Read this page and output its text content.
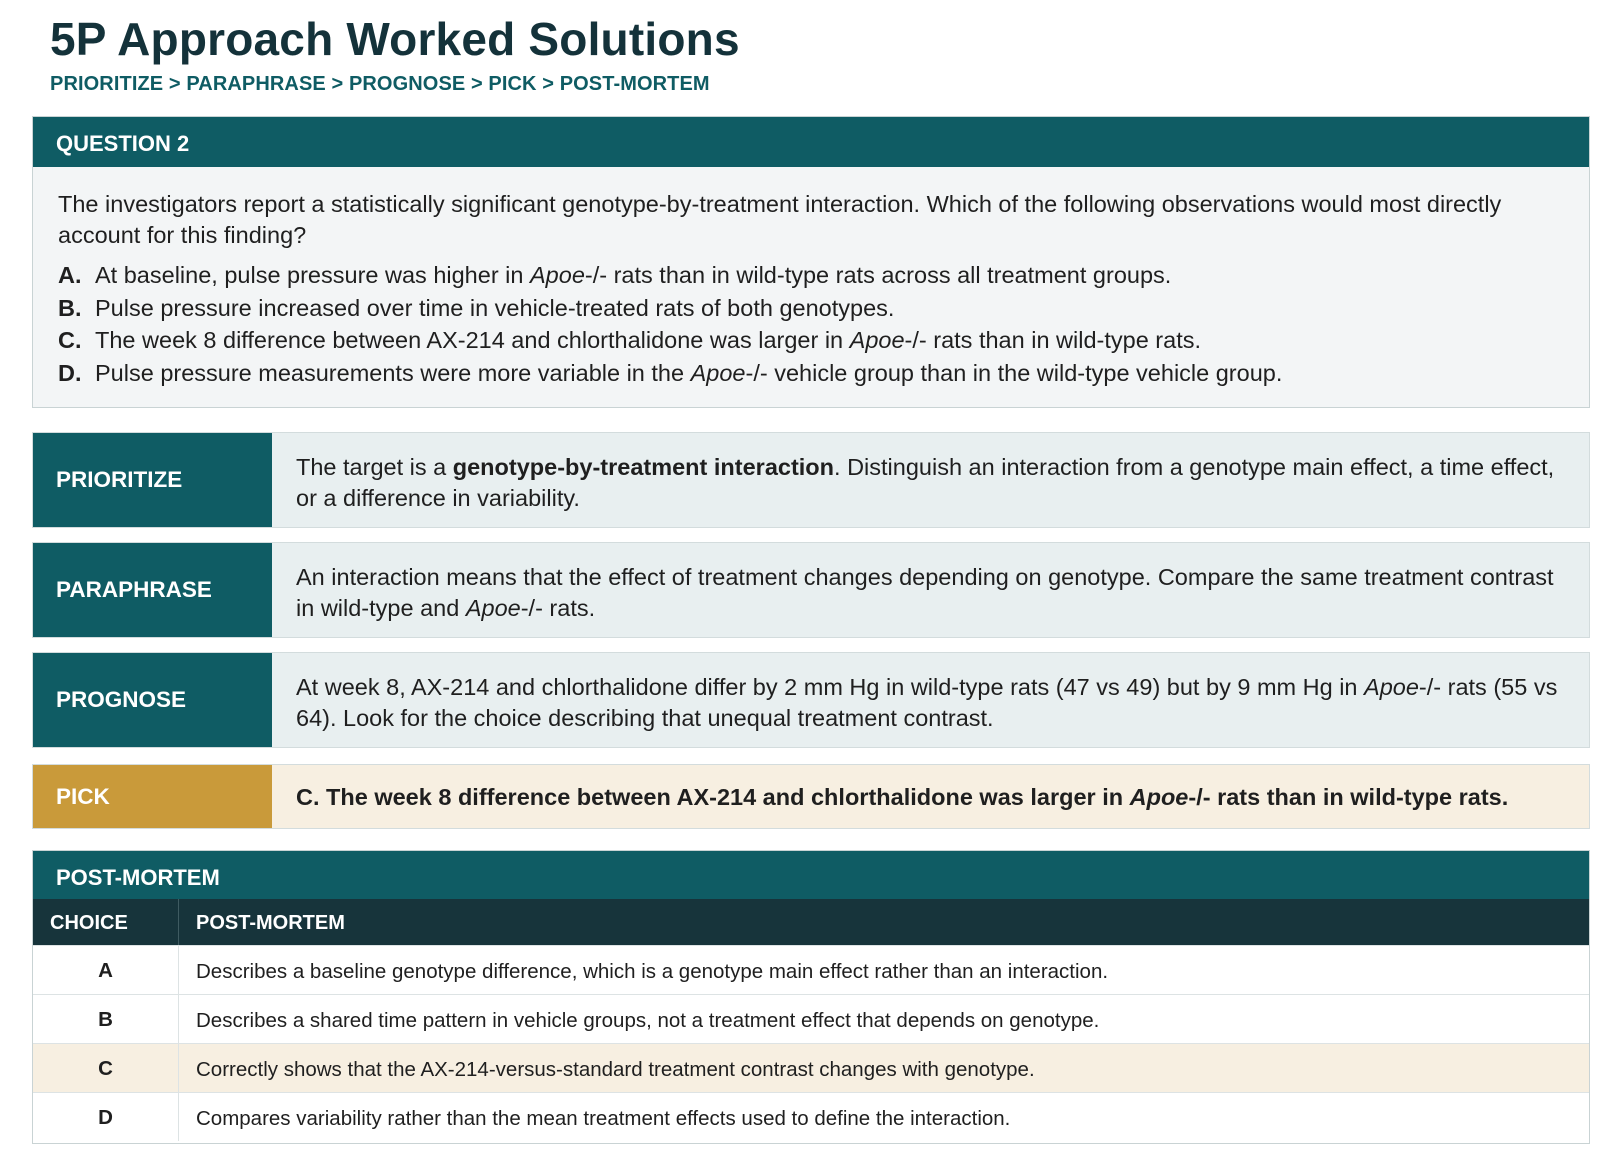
5P Approach Worked Solutions
PRIORITIZE > PARAPHRASE > PROGNOSE > PICK > POST-MORTEM
QUESTION 2
The investigators report a statistically significant genotype-by-treatment interaction. Which of the following observations would most directly account for this finding?
A. At baseline, pulse pressure was higher in Apoe-/- rats than in wild-type rats across all treatment groups.
B. Pulse pressure increased over time in vehicle-treated rats of both genotypes.
C. The week 8 difference between AX-214 and chlorthalidone was larger in Apoe-/- rats than in wild-type rats.
D. Pulse pressure measurements were more variable in the Apoe-/- vehicle group than in the wild-type vehicle group.
PRIORITIZE	The target is a genotype-by-treatment interaction. Distinguish an interaction from a genotype main effect, a time effect, or a difference in variability.
PARAPHRASE	An interaction means that the effect of treatment changes depending on genotype. Compare the same treatment contrast in wild-type and Apoe-/- rats.
PROGNOSE	At week 8, AX-214 and chlorthalidone differ by 2 mm Hg in wild-type rats (47 vs 49) but by 9 mm Hg in Apoe-/- rats (55 vs 64). Look for the choice describing that unequal treatment contrast.
PICK	C. The week 8 difference between AX-214 and chlorthalidone was larger in Apoe-/- rats than in wild-type rats.
POST-MORTEM
CHOICE	POST-MORTEM
A	Describes a baseline genotype difference, which is a genotype main effect rather than an interaction.
B	Describes a shared time pattern in vehicle groups, not a treatment effect that depends on genotype.
C	Correctly shows that the AX-214-versus-standard treatment contrast changes with genotype.
D	Compares variability rather than the mean treatment effects used to define the interaction.
